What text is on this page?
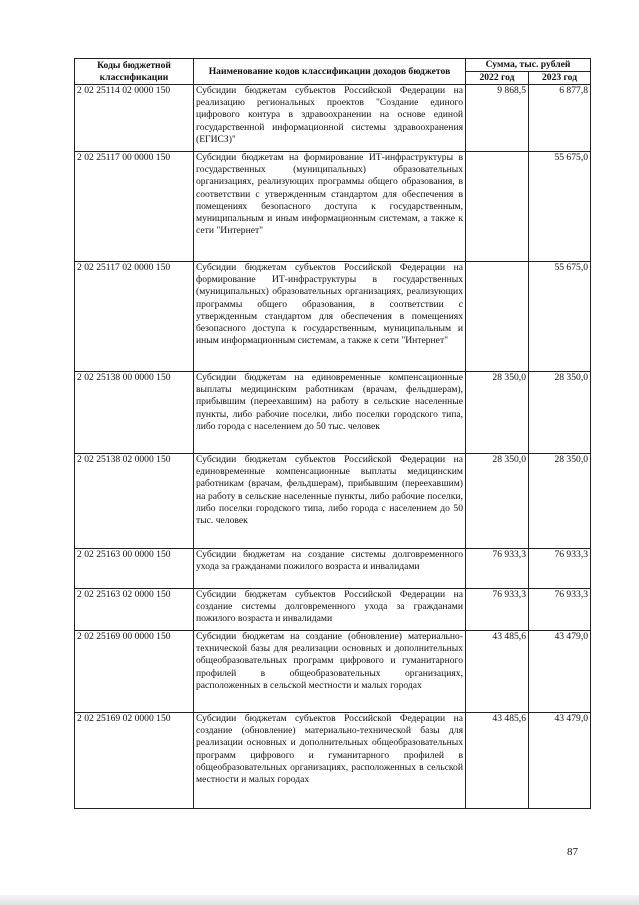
Коды бюджетной классификации	Наименование кодов классификации доходов бюджетов	Сумма, тыс. рублей	
		2022 год	2023 год
2 02 25114 02 0000 150	Субсидии бюджетам субъектов Российской Федерации на реализацию региональных проектов "Создание единого цифрового контура в здравоохранении на основе единой государственной информационной системы здравоохранения (ЕГИСЗ)"	9 868,5	6 877,8
2 02 25117 00 0000 150	Субсидии бюджетам на формирование ИТ-инфраструктуры в государственных (муниципальных) образовательных организациях, реализующих программы общего образования, в соответствии с утвержденным стандартом для обеспечения в помещениях безопасного доступа к государственным, муниципальным и иным информационным системам, а также к сети "Интернет"		55 675,0
2 02 25117 02 0000 150	Субсидии бюджетам субъектов Российской Федерации на формирование ИТ-инфраструктуры в государственных (муниципальных) образовательных организациях, реализующих программы общего образования, в соответствии с утвержденным стандартом для обеспечения в помещениях безопасного доступа к государственным, муниципальным и иным информационным системам, а также к сети "Интернет"		55 675,0
2 02 25138 00 0000 150	Субсидии бюджетам на единовременные компенсационные выплаты медицинским работникам (врачам, фельдшерам), прибывшим (переехавшим) на работу в сельские населенные пункты, либо рабочие поселки, либо поселки городского типа, либо города с населением до 50 тыс. человек	28 350,0	28 350,0
2 02 25138 02 0000 150	Субсидии бюджетам субъектов Российской Федерации на единовременные компенсационные выплаты медицинским работникам (врачам, фельдшерам), прибывшим (переехавшим) на работу в сельские населенные пункты, либо рабочие поселки, либо поселки городского типа, либо города с населением до 50 тыс. человек	28 350,0	28 350,0
2 02 25163 00 0000 150	Субсидии бюджетам на создание системы долговременного ухода за гражданами пожилого возраста и инвалидами	76 933,3	76 933,3
2 02 25163 02 0000 150	Субсидии бюджетам субъектов Российской Федерации на создание системы долговременного ухода за гражданами пожилого возраста и инвалидами	76 933,3	76 933,3
2 02 25169 00 0000 150	Субсидии бюджетам на создание (обновление) материально-технической базы для реализации основных и дополнительных общеобразовательных программ цифрового и гуманитарного профилей в общеобразовательных организациях, расположенных в сельской местности и малых городах	43 485,6	43 479,0
2 02 25169 02 0000 150	Субсидии бюджетам субъектов Российской Федерации на создание (обновление) материально-технической базы для реализации основных и дополнительных общеобразовательных программ цифрового и гуманитарного профилей в общеобразовательных организациях, расположенных в сельской местности и малых городах	43 485,6	43 479,0
87
